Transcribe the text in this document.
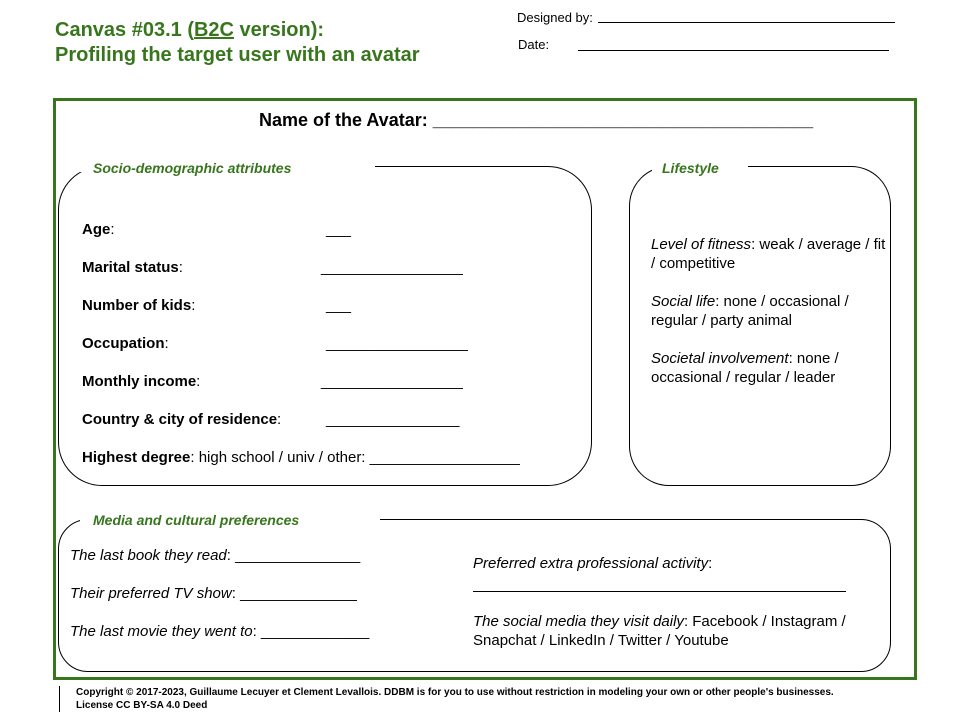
Canvas #03.1 (B2C version):
Profiling the target user with an avatar
Designed by:
Date:
Name of the Avatar: ______________________________________
Socio-demographic attributes
Age:	___
Marital status:	_________________
Number of kids:	___
Occupation:	_________________
Monthly income:	_________________
Country & city of residence:	________________
Highest degree: high school / univ / other: __________________
Lifestyle
Level of fitness: weak / average / fit / competitive
Social life: none / occasional / regular / party animal
Societal involvement: none / occasional / regular / leader
Media and cultural preferences
The last book they read: _______________
Their preferred TV show: ______________
The last movie they went to: _____________
Preferred extra professional activity:
The social media they visit daily: Facebook / Instagram / Snapchat / LinkedIn / Twitter / Youtube
Copyright © 2017-2023, Guillaume Lecuyer et Clement Levallois. DDBM is for you to use without restriction in modeling your own or other people's businesses.
License CC BY-SA 4.0 Deed
